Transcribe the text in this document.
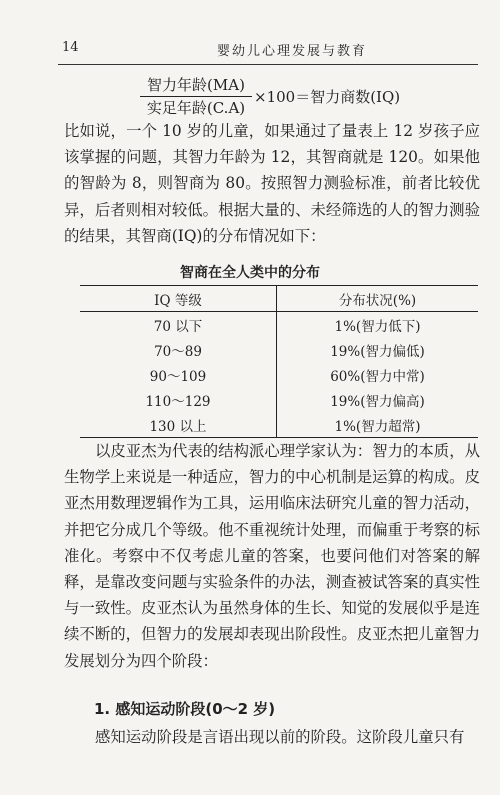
14	婴幼儿心理发展与教育
智力年龄(MA)
实足年龄(C.A)
×100＝智力商数(IQ)

比如说，一个 10 岁的儿童，如果通过了量表上 12 岁孩子应该掌握的问题，其智力年龄为 12，其智商就是 120。如果他的智龄为 8，则智商为 80。按照智力测验标准，前者比较优异，后者则相对较低。根据大量的、未经筛选的人的智力测验的结果，其智商(IQ)的分布情况如下：

智商在全人类中的分布
IQ 等级	分布状况(%)
70 以下	1%(智力低下)
70～89	19%(智力偏低)
90～109	60%(智力中常)
110～129	19%(智力偏高)
130 以上	1%(智力超常)

以皮亚杰为代表的结构派心理学家认为：智力的本质，从生物学上来说是一种适应，智力的中心机制是运算的构成。皮亚杰用数理逻辑作为工具，运用临床法研究儿童的智力活动，并把它分成几个等级。他不重视统计处理，而偏重于考察的标准化。考察中不仅考虑儿童的答案，也要问他们对答案的解释，是靠改变问题与实验条件的办法，测查被试答案的真实性与一致性。皮亚杰认为虽然身体的生长、知觉的发展似乎是连续不断的，但智力的发展却表现出阶段性。皮亚杰把儿童智力发展划分为四个阶段：

1. 感知运动阶段(0～2 岁)

感知运动阶段是言语出现以前的阶段。这阶段儿童只有
